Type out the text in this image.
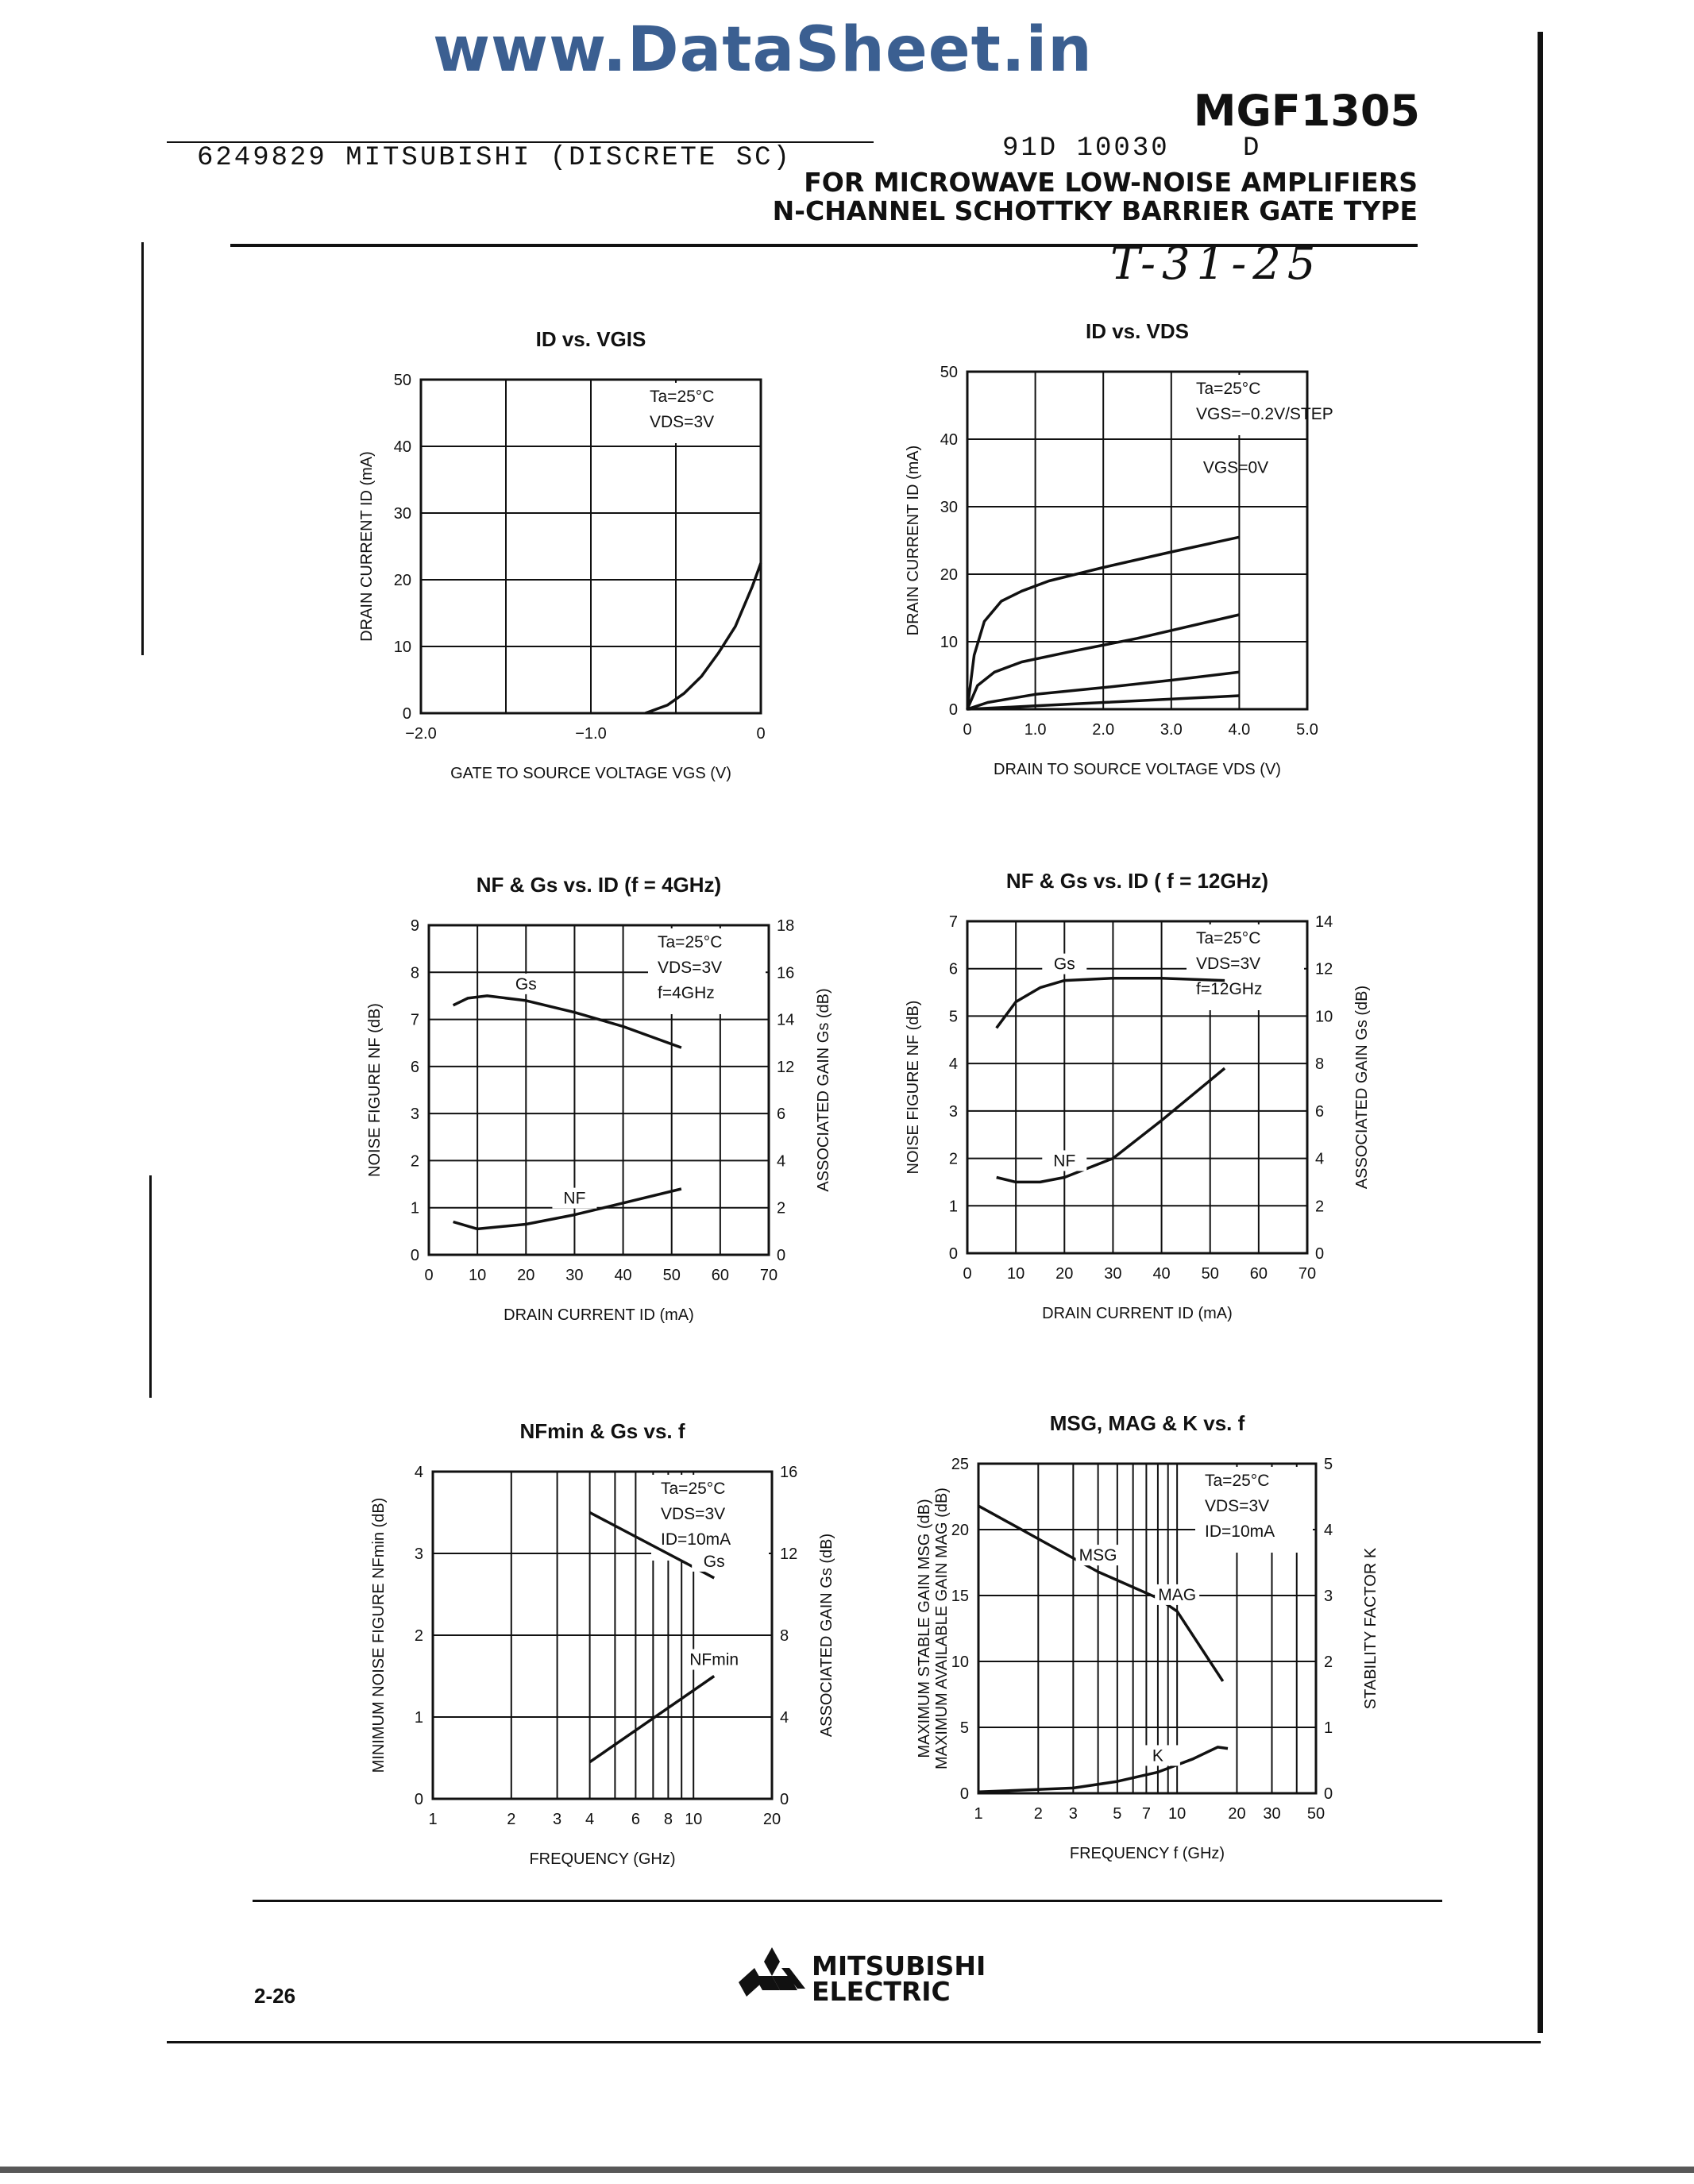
www.DataSheet.in
MGF1305
6249829 MITSUBISHI (DISCRETE SC)	91D 10030	D
FOR MICROWAVE LOW-NOISE AMPLIFIERS
N-CHANNEL SCHOTTKY BARRIER GATE TYPE
T-31-25
2-26
MITSUBISHI
ELECTRIC
−2.0	−1.0	0
0
10
20
30
40
50
ID vs. VGIS
GATE TO SOURCE VOLTAGE VGS (V)
DRAIN CURRENT ID (mA)
Ta=25°C
VDS=3V
0	1.0	2.0	3.0	4.0	5.0
0
10
20
30
40
50
ID vs. VDS
DRAIN TO SOURCE VOLTAGE VDS (V)
DRAIN CURRENT ID (mA)
Ta=25°C
VGS=−0.2V/STEP
VGS=0V
0 10 20 30 40 50 60 70
0
1
2
3
6
7
8
9
0
2
4
6
12
14
16
18
NF & Gs vs. ID (f = 4GHz)
DRAIN CURRENT ID (mA)
NOISE FIGURE NF (dB)	ASSOCIATED GAIN Gs (dB)
Ta=25°C
VDS=3V
f=4GHz
Gs
NF
0 10 20 30 40 50 60 70
0
1
2
3
4
5
6
7
0
2
4
6
8
10
12
14
NF & Gs vs. ID ( f = 12GHz)
DRAIN CURRENT ID (mA)
NOISE FIGURE NF (dB)	ASSOCIATED GAIN Gs (dB)
Ta=25°C
VDS=3V
f=12GHz
Gs
NF
1	2 3 4 6 8 10	20
0
1
2
3
4
0
4
8
12
16
NFmin & Gs vs. f
FREQUENCY (GHz)
MINIMUM NOISE FIGURE NFmin (dB)	ASSOCIATED GAIN Gs (dB)
Ta=25°C
VDS=3V
ID=10mA
Gs
NFmin
1	2 3 5 7 10	20 30 50
0
5
10
15
20
25
0
1
2
3
4
5
MSG, MAG & K vs. f
FREQUENCY f (GHz)
MAXIMUM STABLE GAIN MSG (dB) MAXIMUM AVAILABLE GAIN MAG (dB)	STABILITY FACTOR K
Ta=25°C
VDS=3V
ID=10mA
MSG
MAG
K
